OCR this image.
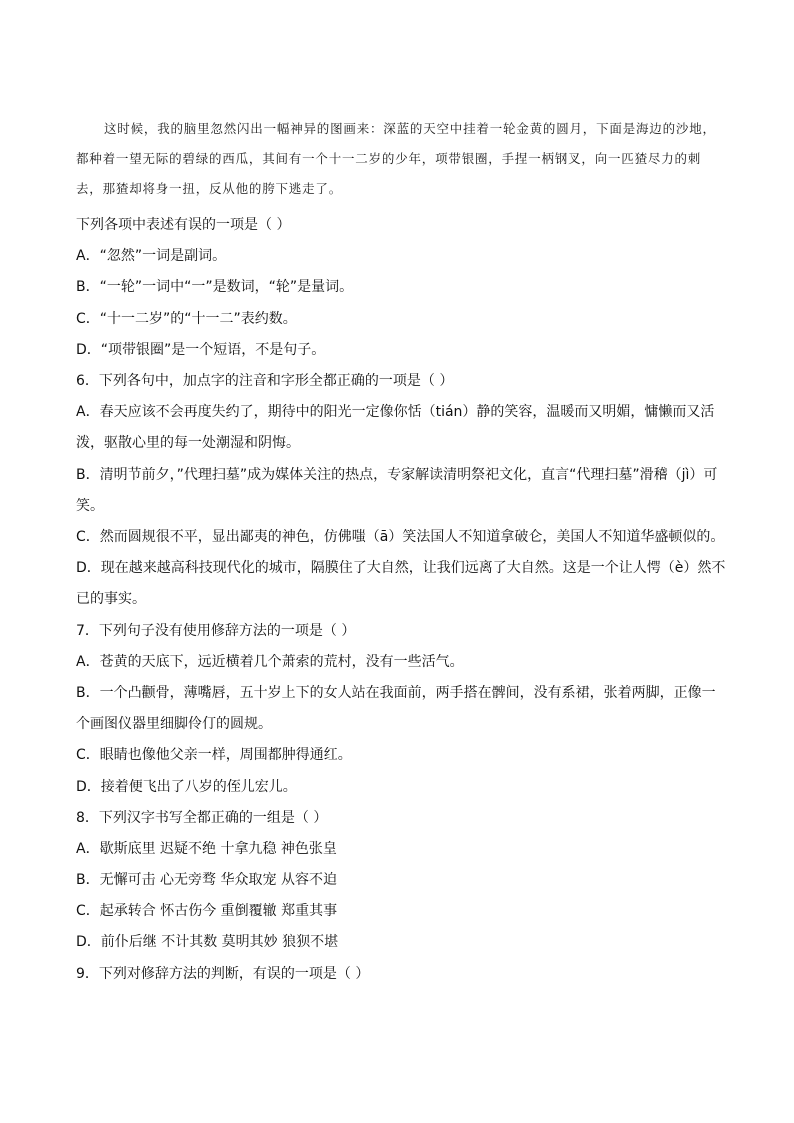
这时候，我的脑里忽然闪出一幅神异的图画来：深蓝的天空中挂着一轮金黄的圆月，下面是海边的沙地，都种着一望无际的碧绿的西瓜，其间有一个十一二岁的少年，项带银圈，手捏一柄钢叉，向一匹猹尽力的刺去，那猹却将身一扭，反从他的胯下逃走了。

下列各项中表述有误的一项是（ ）

A．“忽然”一词是副词。

B．“一轮”一词中“一”是数词，“轮”是量词。

C．“十一二岁”的“十一二”表约数。

D．“项带银圈”是一个短语，不是句子。

6．下列各句中，加点字的注音和字形全都正确的一项是（ ）

A．春天应该不会再度失约了，期待中的阳光一定像你恬（tián）静的笑容，温暖而又明媚，慵懒而又活泼，驱散心里的每一处潮湿和阴悔。

B．清明节前夕，”代理扫墓”成为媒体关注的热点，专家解读清明祭祀文化，直言“代理扫墓”滑稽（jì）可笑。

C．然而圆规很不平，显出鄙夷的神色，仿佛嗤（ā）笑法国人不知道拿破仑，美国人不知道华盛顿似的。

D．现在越来越高科技现代化的城市，隔膜住了大自然，让我们远离了大自然。这是一个让人愕（è）然不已的事实。

7．下列句子没有使用修辞方法的一项是（ ）

A．苍黄的天底下，远近横着几个萧索的荒村，没有一些活气。

B．一个凸颧骨，薄嘴唇，五十岁上下的女人站在我面前，两手搭在髀间，没有系裙，张着两脚，正像一个画图仪器里细脚伶仃的圆规。

C．眼睛也像他父亲一样，周围都肿得通红。

D．接着便飞出了八岁的侄儿宏儿。

8．下列汉字书写全都正确的一组是（ ）

A．歇斯底里 迟疑不绝 十拿九稳 神色张皇

B．无懈可击 心无旁骛 华众取宠 从容不迫

C．起承转合 怀古伤今 重倒覆辙 郑重其事

D．前仆后继 不计其数 莫明其妙 狼狈不堪

9．下列对修辞方法的判断，有误的一项是（ ）
